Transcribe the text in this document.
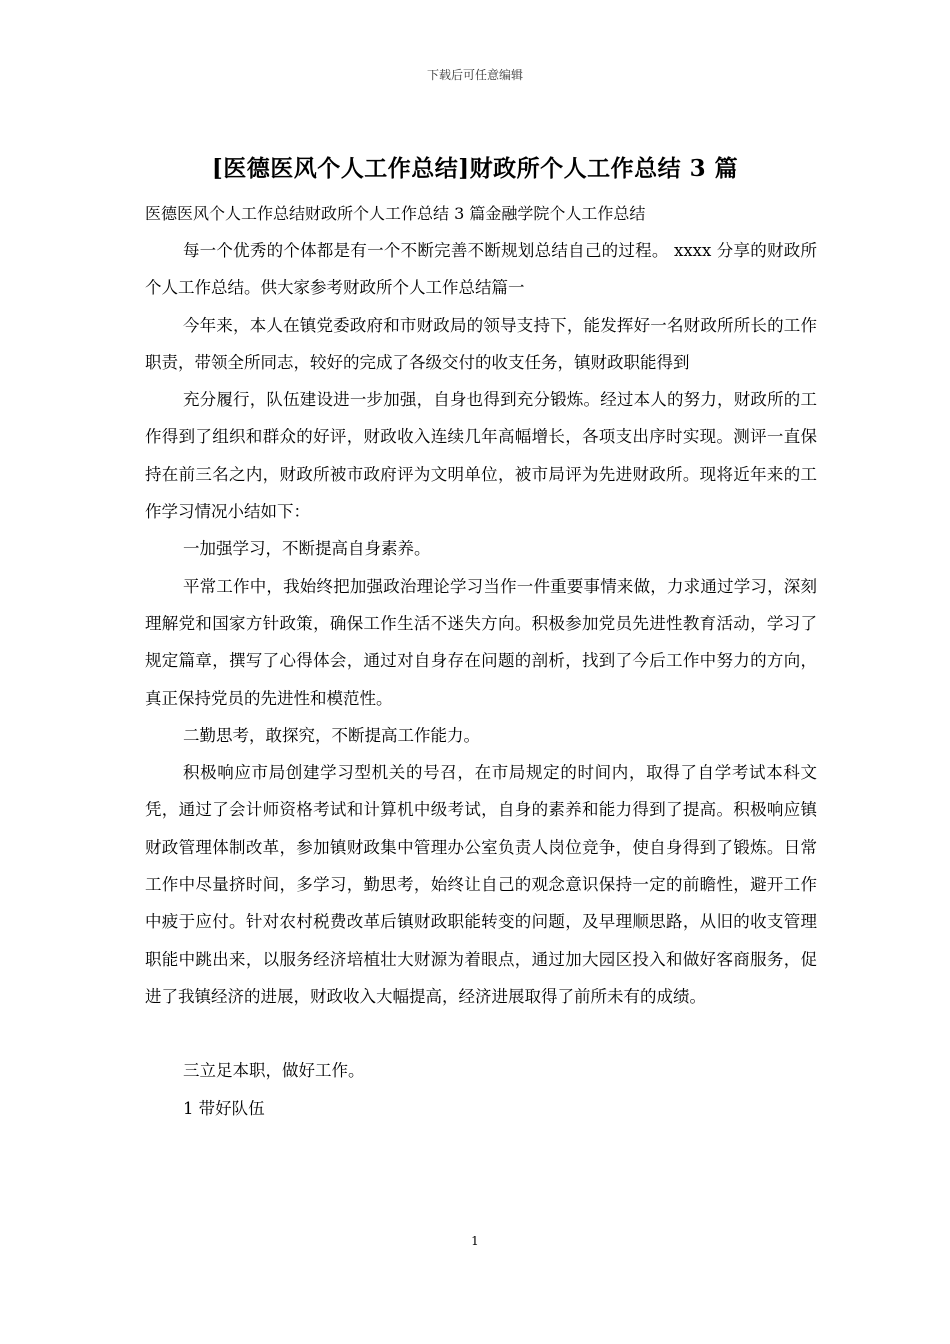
下载后可任意编辑
[医德医风个人工作总结]财政所个人工作总结 3 篇

医德医风个人工作总结财政所个人工作总结 3 篇金融学院个人工作总结

每一个优秀的个体都是有一个不断完善不断规划总结自己的过程。 xxxx 分享的财政所个人工作总结。供大家参考财政所个人工作总结篇一

今年来，本人在镇党委政府和市财政局的领导支持下，能发挥好一名财政所所长的工作职责，带领全所同志，较好的完成了各级交付的收支任务，镇财政职能得到

充分履行，队伍建设进一步加强，自身也得到充分锻炼。经过本人的努力，财政所的工作得到了组织和群众的好评，财政收入连续几年高幅增长，各项支出序时实现。测评一直保持在前三名之内，财政所被市政府评为文明单位，被市局评为先进财政所。现将近年来的工作学习情况小结如下：

一加强学习，不断提高自身素养。

平常工作中，我始终把加强政治理论学习当作一件重要事情来做，力求通过学习，深刻理解党和国家方针政策，确保工作生活不迷失方向。积极参加党员先进性教育活动，学习了规定篇章，撰写了心得体会，通过对自身存在问题的剖析，找到了今后工作中努力的方向，真正保持党员的先进性和模范性。

二勤思考，敢探究，不断提高工作能力。

积极响应市局创建学习型机关的号召，在市局规定的时间内，取得了自学考试本科文凭，通过了会计师资格考试和计算机中级考试，自身的素养和能力得到了提高。积极响应镇财政管理体制改革，参加镇财政集中管理办公室负责人岗位竞争，使自身得到了锻炼。日常工作中尽量挤时间，多学习，勤思考，始终让自己的观念意识保持一定的前瞻性，避开工作中疲于应付。针对农村税费改革后镇财政职能转变的问题，及早理顺思路，从旧的收支管理职能中跳出来，以服务经济培植壮大财源为着眼点，通过加大园区投入和做好客商服务，促进了我镇经济的进展，财政收入大幅提高，经济进展取得了前所未有的成绩。

三立足本职，做好工作。

1 带好队伍

1
